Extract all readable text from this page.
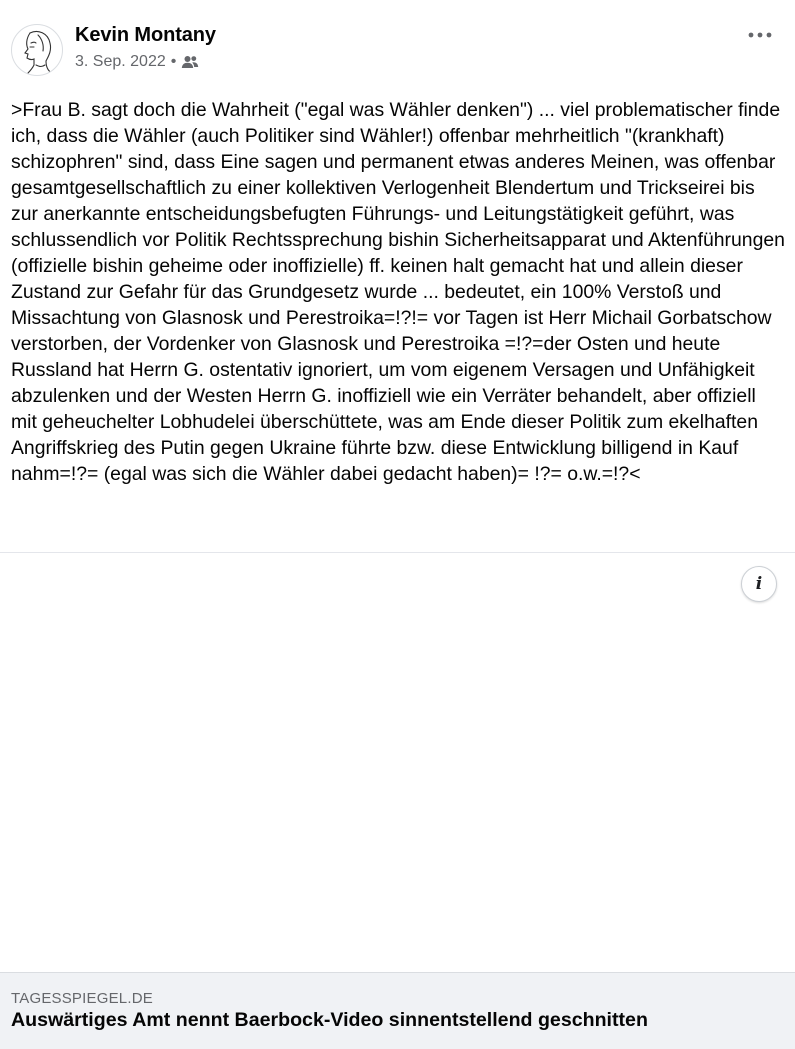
Kevin Montany
3. Sep. 2022 •
>Frau B. sagt doch die Wahrheit ("egal was Wähler denken") ... viel problematischer finde ich, dass die Wähler (auch Politiker sind Wähler!) offenbar mehrheitlich "(krankhaft) schizophren" sind, dass Eine sagen und permanent etwas anderes Meinen, was offenbar gesamtgesellschaftlich zu einer kollektiven Verlogenheit Blendertum und Trickseirei bis zur anerkannte entscheidungsbefugten Führungs- und Leitungstätigkeit geführt, was schlussendlich vor Politik Rechtssprechung bishin Sicherheitsapparat und Aktenführungen (offizielle bishin geheime oder inoffizielle) ff. keinen halt gemacht hat und allein dieser Zustand zur Gefahr für das Grundgesetz wurde ... bedeutet, ein 100% Verstoß und Missachtung von Glasnosk und Perestroika=!?!= vor Tagen ist Herr Michail Gorbatschow verstorben, der Vordenker von Glasnosk und Perestroika =!?=der Osten und heute Russland hat Herrn G. ostentativ ignoriert, um vom eigenem Versagen und Unfähigkeit abzulenken und der Westen Herrn G. inoffiziell wie ein Verräter behandelt, aber offiziell mit geheuchelter Lobhudelei überschüttete, was am Ende dieser Politik zum ekelhaften Angriffskrieg des Putin gegen Ukraine führte bzw. diese Entwicklung billigend in Kauf nahm=!?= (egal was sich die Wähler dabei gedacht haben)= !?= o.w.=!?<
i
TAGESSPIEGEL.DE
Auswärtiges Amt nennt Baerbock-Video sinnentstellend geschnitten
